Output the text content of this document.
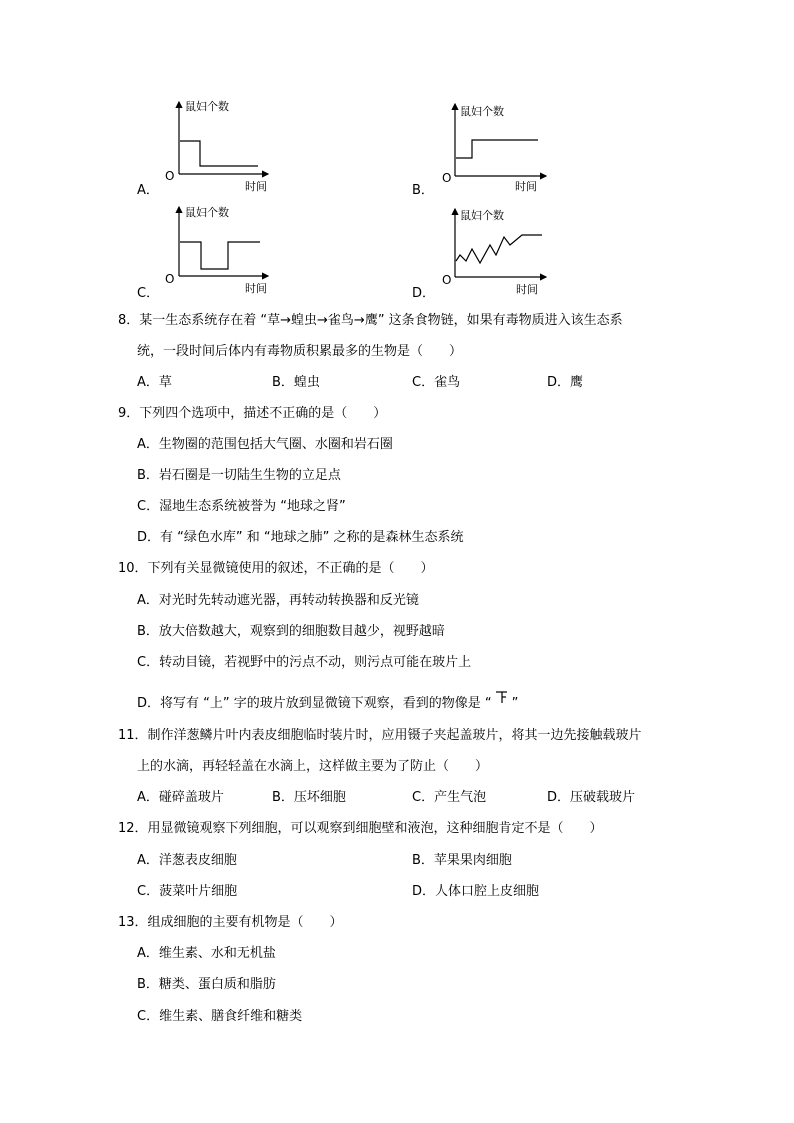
鼠妇个数
时间
O
A．
鼠妇个数
时间
O
B．
鼠妇个数
时间
O
C．
鼠妇个数
时间
O
D．
8．某一生态系统存在着 “草→蝗虫→雀鸟→鹰” 这条食物链，如果有毒物质进入该生态系
统，一段时间后体内有毒物质积累最多的生物是（　　）
A．草	B．蝗虫	C．雀鸟	D．鹰
9．下列四个选项中，描述不正确的是（　　）
A．生物圈的范围包括大气圈、水圈和岩石圈
B．岩石圈是一切陆生生物的立足点
C．湿地生态系统被誉为 “地球之肾”
D．有 “绿色水库” 和 “地球之肺” 之称的是森林生态系统
10．下列有关显微镜使用的叙述，不正确的是（　　）
A．对光时先转动遮光器，再转动转换器和反光镜
B．放大倍数越大，观察到的细胞数目越少，视野越暗
C．转动目镜，若视野中的污点不动，则污点可能在玻片上
D．将写有 “上” 字的玻片放到显微镜下观察，看到的物像是 “ ”
11．制作洋葱鳞片叶内表皮细胞临时装片时，应用镊子夹起盖玻片，将其一边先接触载玻片
上的水滴，再轻轻盖在水滴上，这样做主要为了防止（　　）
A．碰碎盖玻片	B．压坏细胞	C．产生气泡	D．压破载玻片
12．用显微镜观察下列细胞，可以观察到细胞壁和液泡，这种细胞肯定不是（　　）
A．洋葱表皮细胞	B．苹果果肉细胞
C．菠菜叶片细胞	D．人体口腔上皮细胞
13．组成细胞的主要有机物是（　　）
A．维生素、水和无机盐
B．糖类、蛋白质和脂肪
C．维生素、膳食纤维和糖类
